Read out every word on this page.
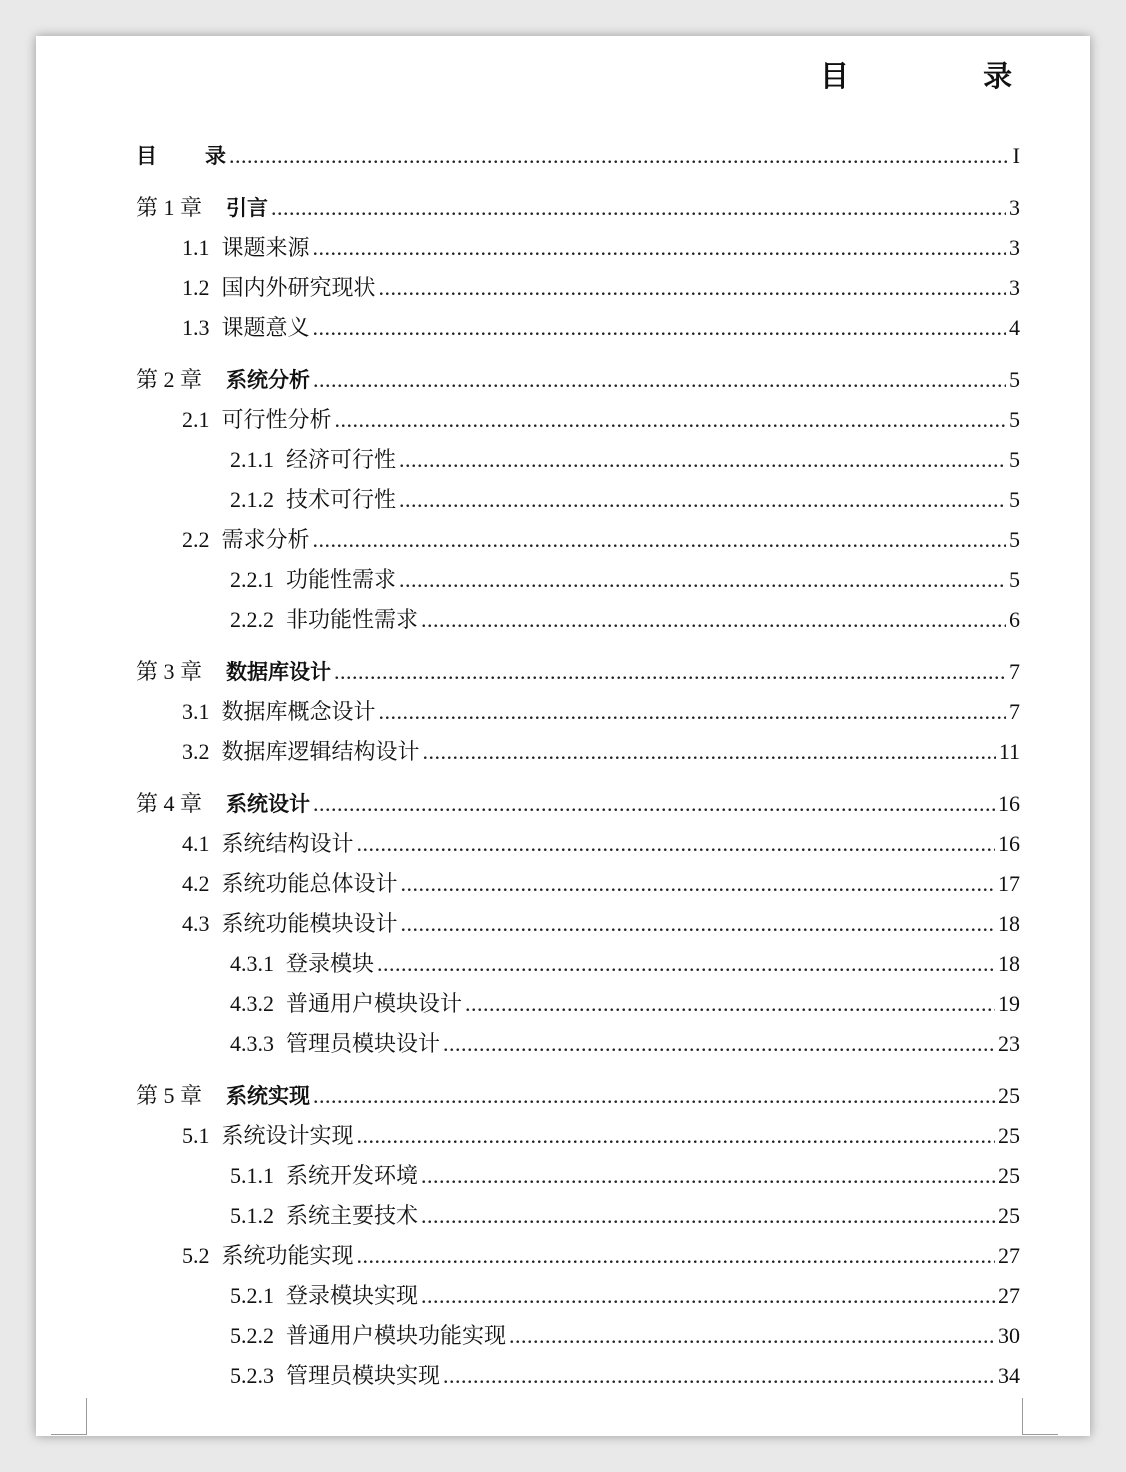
目 录
目录 .....	I
第 1 章 引言 .....	3
1.1 课题来源 .....	3
1.2 国内外研究现状 .....	3
1.3 课题意义 .....	4
第 2 章 系统分析 .....	5
2.1 可行性分析 .....	5
2.1.1 经济可行性 .....	5
2.1.2 技术可行性 .....	5
2.2 需求分析 .....	5
2.2.1 功能性需求 .....	5
2.2.2 非功能性需求 .....	6
第 3 章 数据库设计 .....	7
3.1 数据库概念设计 .....	7
3.2 数据库逻辑结构设计 .....	11
第 4 章 系统设计 .....	16
4.1 系统结构设计 .....	16
4.2 系统功能总体设计 .....	17
4.3 系统功能模块设计 .....	18
4.3.1 登录模块 .....	18
4.3.2 普通用户模块设计 .....	19
4.3.3 管理员模块设计 .....	23
第 5 章 系统实现 .....	25
5.1 系统设计实现 .....	25
5.1.1 系统开发环境 .....	25
5.1.2 系统主要技术 .....	25
5.2 系统功能实现 .....	27
5.2.1 登录模块实现 .....	27
5.2.2 普通用户模块功能实现 .....	30
5.2.3 管理员模块实现 .....	34
